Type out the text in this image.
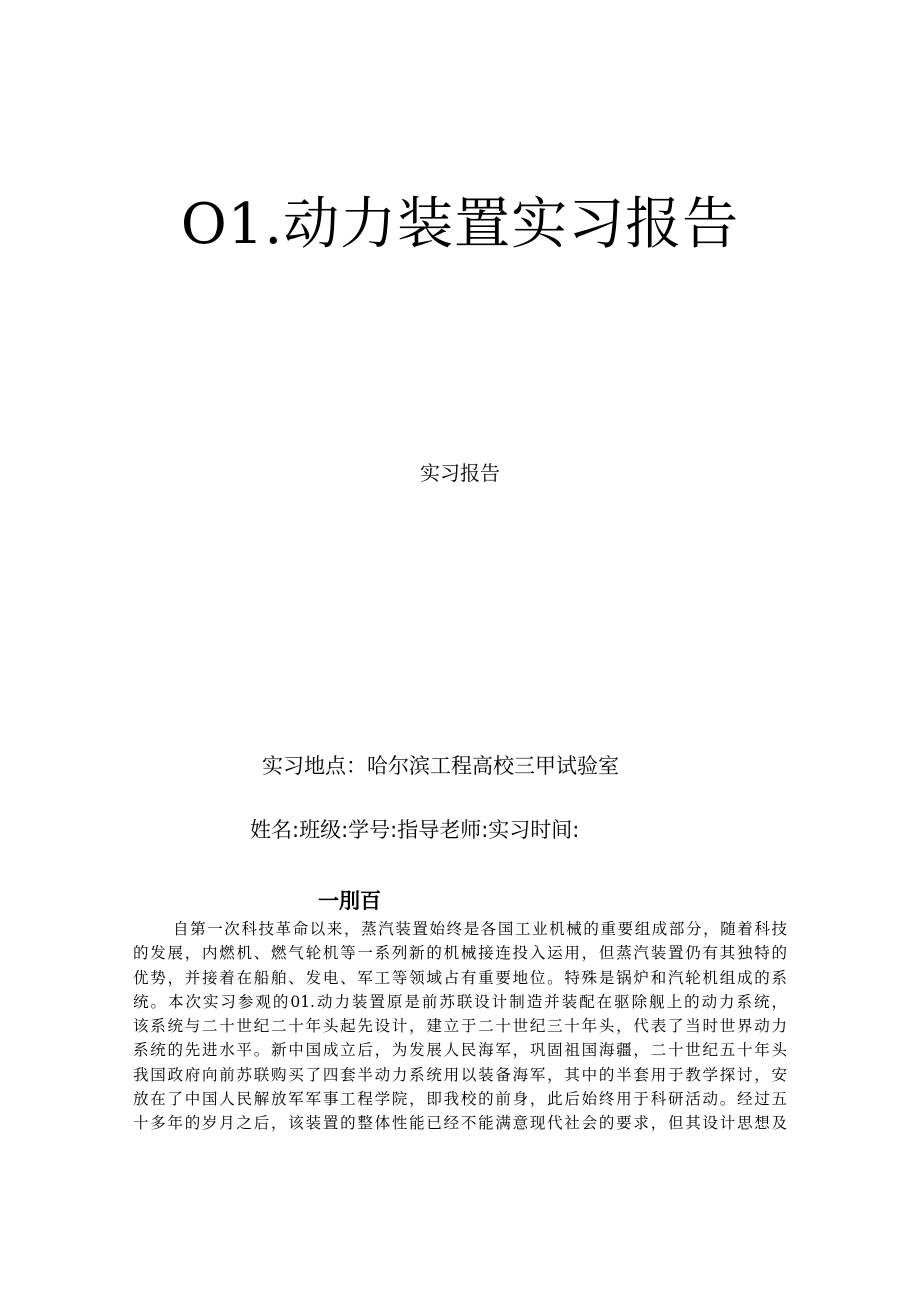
O1.动力装置实习报告
实习报告
实习地点：哈尔滨工程高校三甲试验室
姓名:班级:学号:指导老师:实习时间:
一刖百
自第一次科技革命以来，蒸汽装置始终是各国工业机械的重要组成部分，随着科技
的发展，内燃机、燃气轮机等一系列新的机械接连投入运用，但蒸汽装置仍有其独特的
优势，并接着在船舶、发电、军工等领域占有重要地位。特殊是锅炉和汽轮机组成的系
统。本次实习参观的01.动力装置原是前苏联设计制造并装配在驱除舰上的动力系统，
该系统与二十世纪二十年头起先设计，建立于二十世纪三十年头，代表了当时世界动力
系统的先进水平。新中国成立后，为发展人民海军，巩固祖国海疆，二十世纪五十年头
我国政府向前苏联购买了四套半动力系统用以装备海军，其中的半套用于教学探讨，安
放在了中国人民解放军军事工程学院，即我校的前身，此后始终用于科研活动。经过五
十多年的岁月之后，该装置的整体性能已经不能满意现代社会的要求，但其设计思想及
